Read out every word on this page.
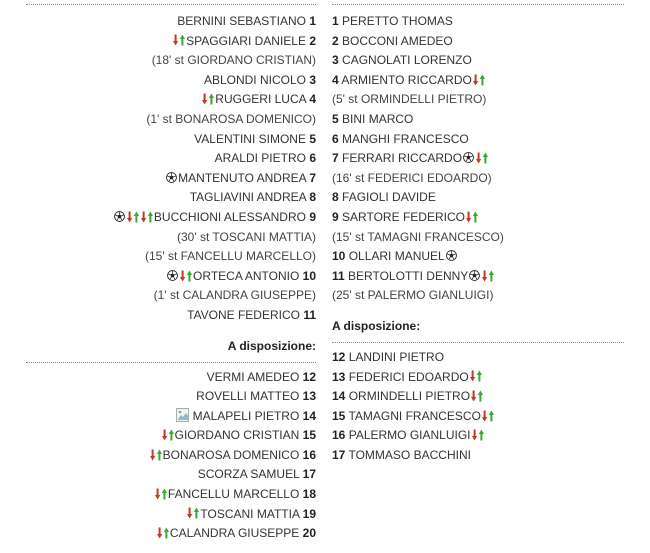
BERNINI SEBASTIANO 1
SPAGGIARI DANIELE 2
(18' st GIORDANO CRISTIAN)
ABLONDI NICOLO 3
RUGGERI LUCA 4
(1' st BONAROSA DOMENICO)
VALENTINI SIMONE 5
ARALDI PIETRO 6
MANTENUTO ANDREA 7
TAGLIAVINI ANDREA 8
BUCCHIONI ALESSANDRO 9
(30' st TOSCANI MATTIA)
(15' st FANCELLU MARCELLO)
ORTECA ANTONIO 10
(1' st CALANDRA GIUSEPPE)
TAVONE FEDERICO 11
A disposizione:
VERMI AMEDEO 12
ROVELLI MATTEO 13
MALAPELI PIETRO 14
GIORDANO CRISTIAN 15
BONAROSA DOMENICO 16
SCORZA SAMUEL 17
FANCELLU MARCELLO 18
TOSCANI MATTIA 19
CALANDRA GIUSEPPE 20
1 PERETTO THOMAS
2 BOCCONI AMEDEO
3 CAGNOLATI LORENZO
4 ARMIENTO RICCARDO
(5' st ORMINDELLI PIETRO)
5 BINI MARCO
6 MANGHI FRANCESCO
7 FERRARI RICCARDO
(16' st FEDERICI EDOARDO)
8 FAGIOLI DAVIDE
9 SARTORE FEDERICO
(15' st TAMAGNI FRANCESCO)
10 OLLARI MANUEL
11 BERTOLOTTI DENNY
(25' st PALERMO GIANLUIGI)
A disposizione:
12 LANDINI PIETRO
13 FEDERICI EDOARDO
14 ORMINDELLI PIETRO
15 TAMAGNI FRANCESCO
16 PALERMO GIANLUIGI
17 TOMMASO BACCHINI
